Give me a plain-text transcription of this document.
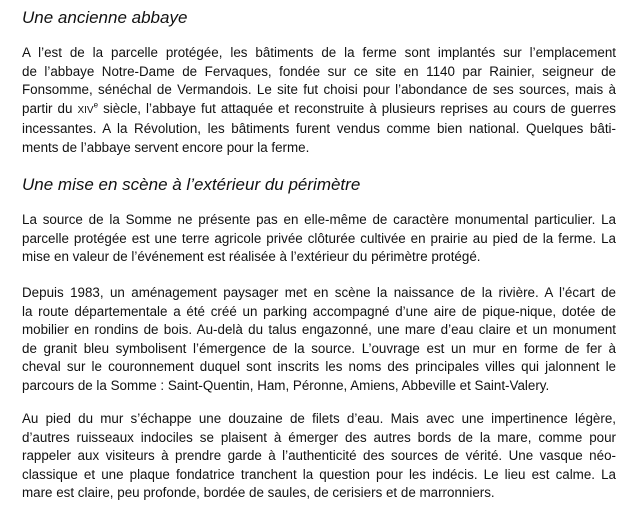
Une ancienne abbaye

A l’est de la parcelle protégée, les bâtiments de la ferme sont implantés sur l’emplacement
de l’abbaye Notre-Dame de Fervaques, fondée sur ce site en 1140 par Rainier, seigneur de
Fonsomme, sénéchal de Vermandois. Le site fut choisi pour l’abondance de ses sources, mais à
partir du XIVe siècle, l’abbaye fut attaquée et reconstruite à plusieurs reprises au cours de guerres
incessantes. A la Révolution, les bâtiments furent vendus comme bien national. Quelques bâti-
ments de l’abbaye servent encore pour la ferme.

Une mise en scène à l’extérieur du périmètre

La source de la Somme ne présente pas en elle-même de caractère monumental particulier. La
parcelle protégée est une terre agricole privée clôturée cultivée en prairie au pied de la ferme. La
mise en valeur de l’événement est réalisée à l’extérieur du périmètre protégé.

Depuis 1983, un aménagement paysager met en scène la naissance de la rivière. A l’écart de
la route départementale a été créé un parking accompagné d’une aire de pique-nique, dotée de
mobilier en rondins de bois. Au-delà du talus engazonné, une mare d’eau claire et un monument
de granit bleu symbolisent l’émergence de la source. L’ouvrage est un mur en forme de fer à
cheval sur le couronnement duquel sont inscrits les noms des principales villes qui jalonnent le
parcours de la Somme : Saint-Quentin, Ham, Péronne, Amiens, Abbeville et Saint-Valery.

Au pied du mur s’échappe une douzaine de filets d’eau. Mais avec une impertinence légère,
d’autres ruisseaux indociles se plaisent à émerger des autres bords de la mare, comme pour
rappeler aux visiteurs à prendre garde à l’authenticité des sources de vérité. Une vasque néo-
classique et une plaque fondatrice tranchent la question pour les indécis. Le lieu est calme. La
mare est claire, peu profonde, bordée de saules, de cerisiers et de marronniers.
